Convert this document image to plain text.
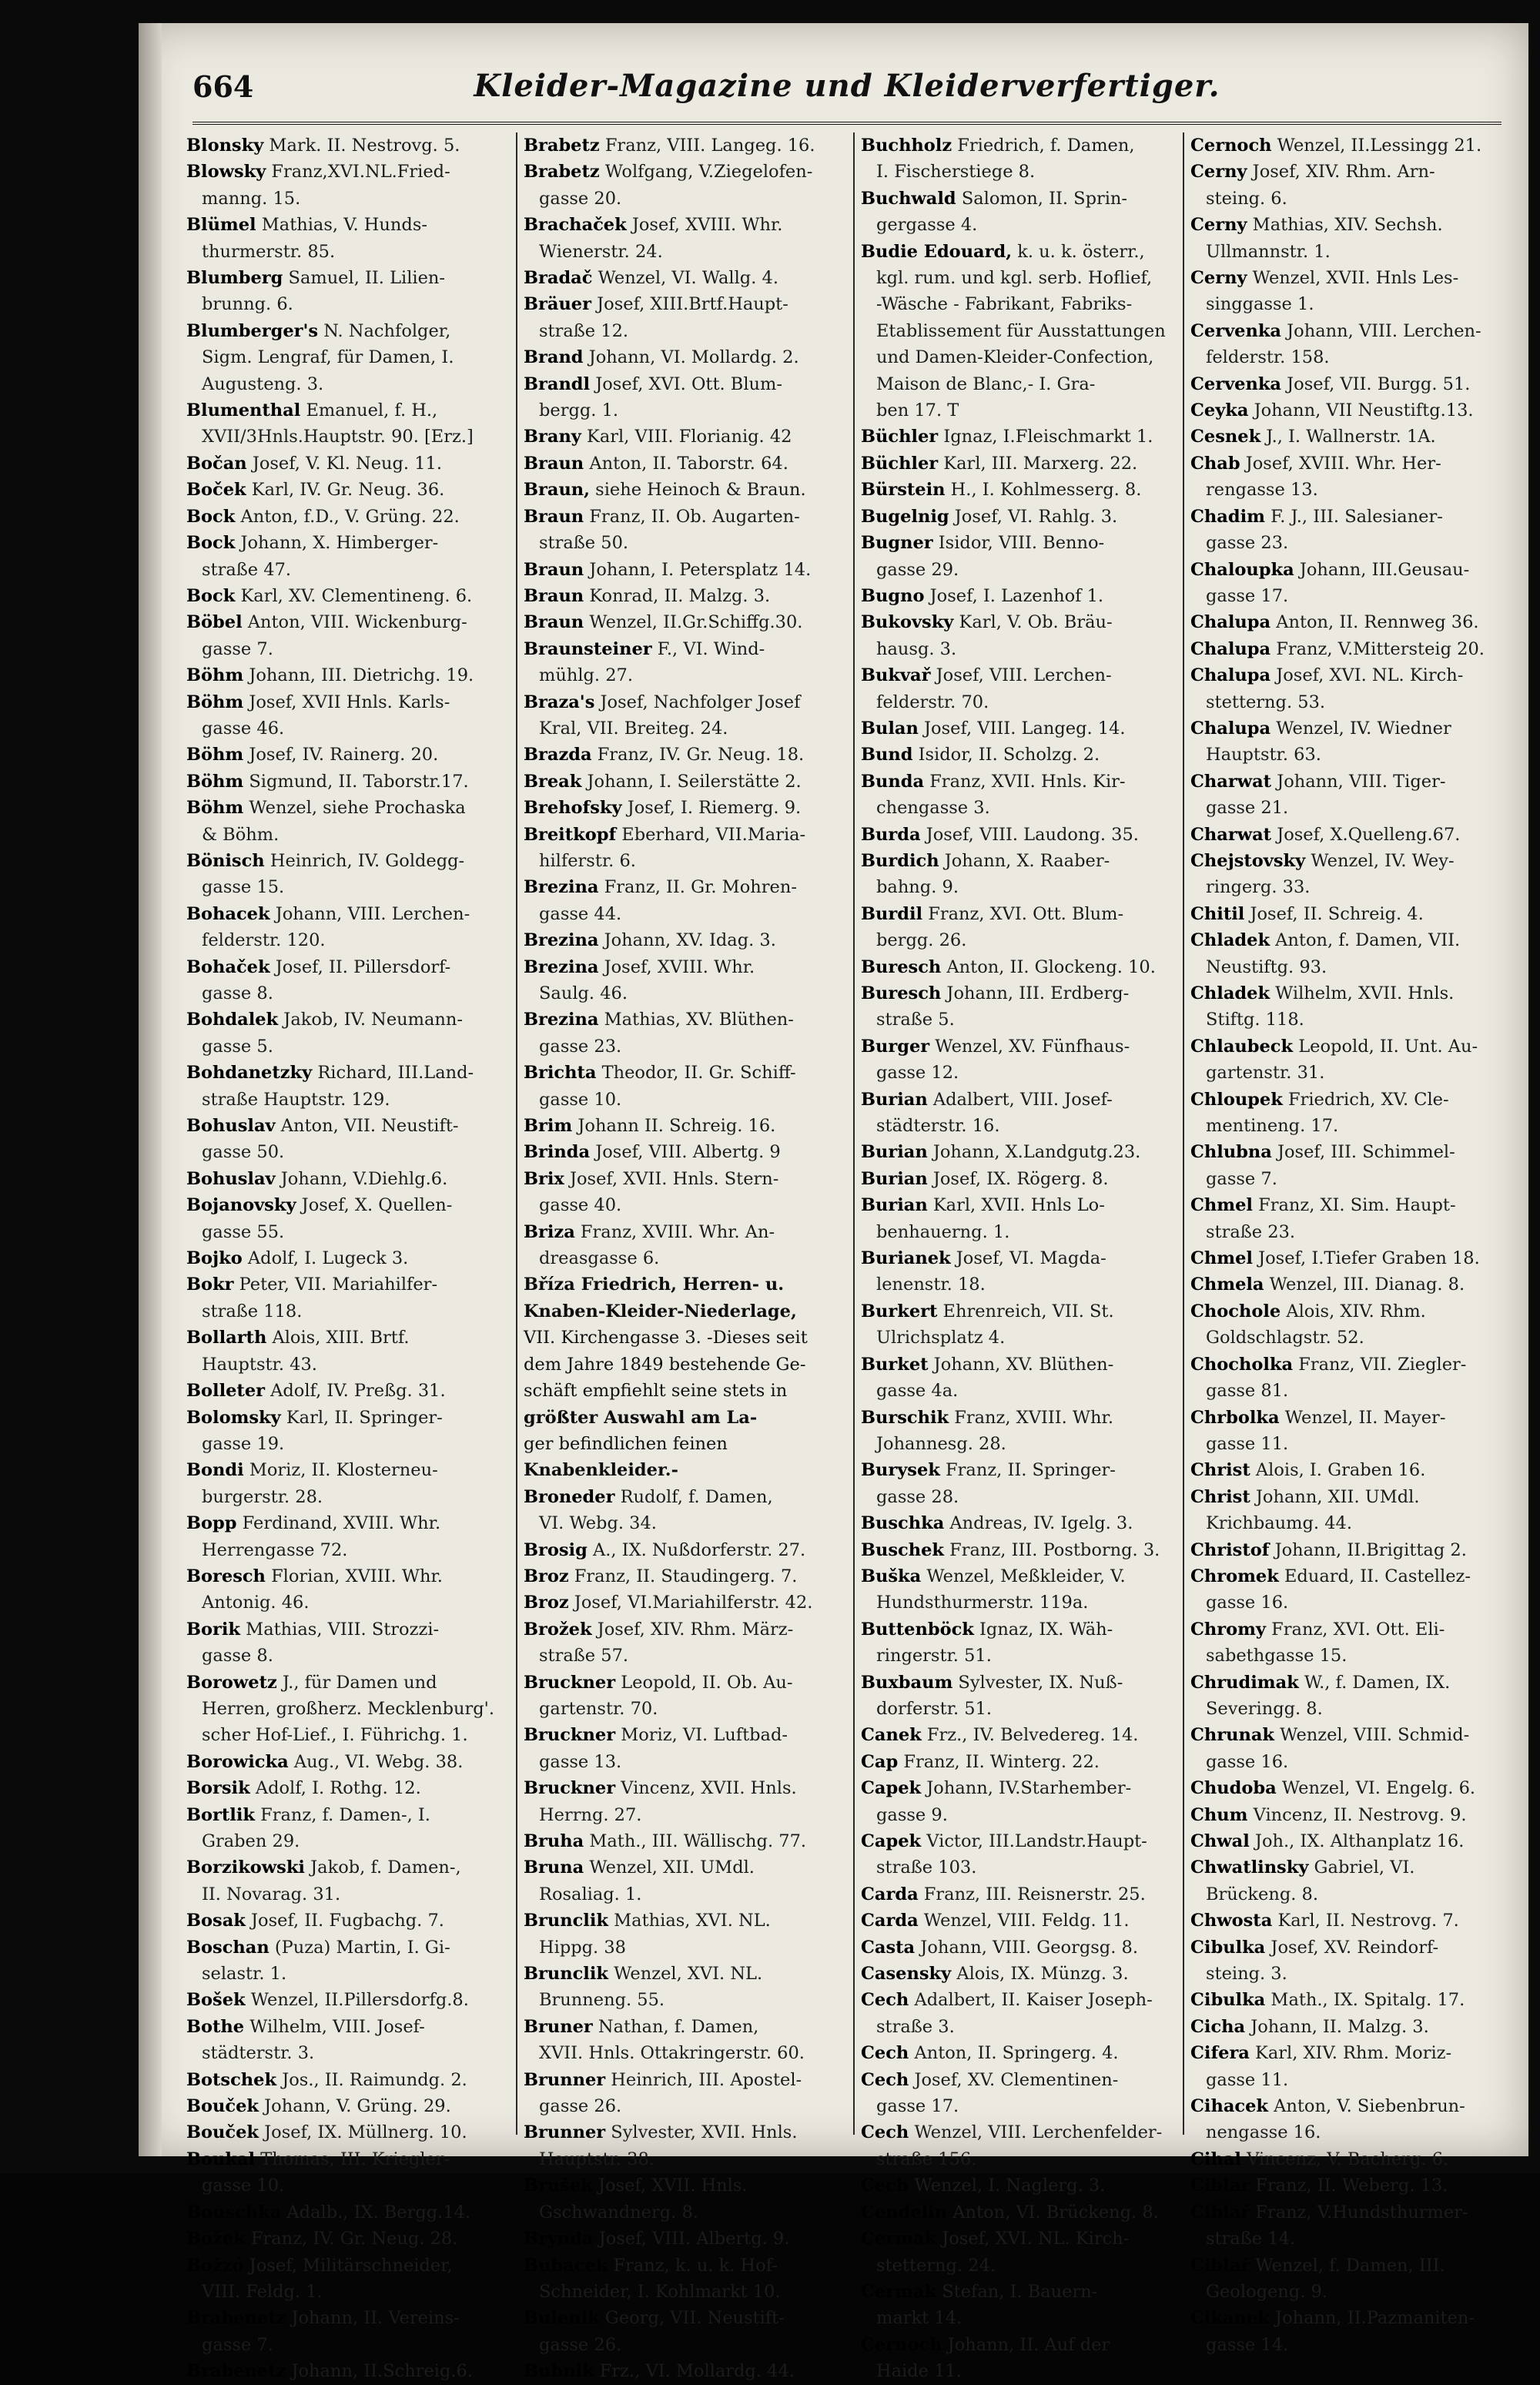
664	Kleider-Magazine und Kleiderverfertiger.

Blonsky Mark. II. Nestrovg. 5.

Blowsky Franz,XVI.NL.Fried-
manng. 15.

Blümel Mathias, V. Hunds-
thurmerstr. 85.

Blumberg Samuel, II. Lilien-
brunng. 6.

Blumberger's N. Nachfolger,
Sigm. Lengraf, für Damen, I.
Augusteng. 3.

Blumenthal Emanuel, f. H.,
XVII/3Hnls.Hauptstr. 90. [Erz.]

Bočan Josef, V. Kl. Neug. 11.

Boček Karl, IV. Gr. Neug. 36.

Bock Anton, f.D., V. Grüng. 22.

Bock Johann, X. Himberger-
straße 47.

Bock Karl, XV. Clementineng. 6.

Böbel Anton, VIII. Wickenburg-
gasse 7.

Böhm Johann, III. Dietrichg. 19.

Böhm Josef, XVII Hnls. Karls-
gasse 46.

Böhm Josef, IV. Rainerg. 20.

Böhm Sigmund, II. Taborstr.17.

Böhm Wenzel, siehe Prochaska
& Böhm.

Bönisch Heinrich, IV. Goldegg-
gasse 15.

Bohacek Johann, VIII. Lerchen-
felderstr. 120.

Bohaček Josef, II. Pillersdorf-
gasse 8.

Bohdalek Jakob, IV. Neumann-
gasse 5.

Bohdanetzky Richard, III.Land-
straße Hauptstr. 129.

Bohuslav Anton, VII. Neustift-
gasse 50.

Bohuslav Johann, V.Diehlg.6.

Bojanovsky Josef, X. Quellen-
gasse 55.

Bojko Adolf, I. Lugeck 3.

Bokr Peter, VII. Mariahilfer-
straße 118.

Bollarth Alois, XIII. Brtf.
Hauptstr. 43.

Bolleter Adolf, IV. Preßg. 31.

Bolomsky Karl, II. Springer-
gasse 19.

Bondi Moriz, II. Klosterneu-
burgerstr. 28.

Bopp Ferdinand, XVIII. Whr.
Herrengasse 72.

Boresch Florian, XVIII. Whr.
Antonig. 46.

Borik Mathias, VIII. Strozzi-
gasse 8.

Borowetz J., für Damen und
Herren, großherz. Mecklenburg'.
scher Hof-Lief., I. Führichg. 1.

Borowicka Aug., VI. Webg. 38.

Borsik Adolf, I. Rothg. 12.

Bortlik Franz, f. Damen-, I.
Graben 29.

Borzikowski Jakob, f. Damen-,
II. Novarag. 31.

Bosak Josef, II. Fugbachg. 7.

Boschan (Puza) Martin, I. Gi-
selastr. 1.

Bošek Wenzel, II.Pillersdorfg.8.

Bothe Wilhelm, VIII. Josef-
städterstr. 3.

Botschek Jos., II. Raimundg. 2.

Bouček Johann, V. Grüng. 29.

Bouček Josef, IX. Müllnerg. 10.

Boukal Thomas, III. Kriegler-
gasse 10.

Bouschka Adalb., IX. Bergg.14.

Božek Franz, IV. Gr. Neug. 28.

Božzó Josef, Militärschneider,
VIII. Feldg. 1.

Brabenetz Johann, II. Vereins-
gasse 7.

Brabenetz Johann, II.Schreig.6.

Brabetz Franz, VIII. Langeg. 16.

Brabetz Wolfgang, V.Ziegelofen-
gasse 20.

Brachaček Josef, XVIII. Whr.
Wienerstr. 24.

Bradač Wenzel, VI. Wallg. 4.

Bräuer Josef, XIII.Brtf.Haupt-
straße 12.

Brand Johann, VI. Mollardg. 2.

Brandl Josef, XVI. Ott. Blum-
bergg. 1.

Brany Karl, VIII. Florianig. 42

Braun Anton, II. Taborstr. 64.

Braun, siehe Heinoch & Braun.

Braun Franz, II. Ob. Augarten-
straße 50.

Braun Johann, I. Petersplatz 14.

Braun Konrad, II. Malzg. 3.

Braun Wenzel, II.Gr.Schiffg.30.

Braunsteiner F., VI. Wind-
mühlg. 27.

Braza's Josef, Nachfolger Josef
Kral, VII. Breiteg. 24.

Brazda Franz, IV. Gr. Neug. 18.

Break Johann, I. Seilerstätte 2.

Brehofsky Josef, I. Riemerg. 9.

Breitkopf Eberhard, VII.Maria-
hilferstr. 6.

Brezina Franz, II. Gr. Mohren-
gasse 44.

Brezina Johann, XV. Idag. 3.

Brezina Josef, XVIII. Whr.
Saulg. 46.

Brezina Mathias, XV. Blüthen-
gasse 23.

Brichta Theodor, II. Gr. Schiff-
gasse 10.

Brim Johann II. Schreig. 16.

Brinda Josef, VIII. Albertg. 9

Brix Josef, XVII. Hnls. Stern-
gasse 40.

Briza Franz, XVIII. Whr. An-
dreasgasse 6.

Bříza Friedrich, Herren- u.

Knaben-Kleider-Niederlage,

VII. Kirchengasse 3. -Dieses seit

dem Jahre 1849 bestehende Ge-

schäft empfiehlt seine stets in

größter Auswahl am La-

ger befindlichen feinen

Knabenkleider.-

Broneder Rudolf, f. Damen,
VI. Webg. 34.

Brosig A., IX. Nußdorferstr. 27.

Broz Franz, II. Staudingerg. 7.

Broz Josef, VI.Mariahilferstr. 42.

Brožek Josef, XIV. Rhm. März-
straße 57.

Bruckner Leopold, II. Ob. Au-
gartenstr. 70.

Bruckner Moriz, VI. Luftbad-
gasse 13.

Bruckner Vincenz, XVII. Hnls.
Herrng. 27.

Bruha Math., III. Wällischg. 77.

Bruna Wenzel, XII. UMdl.
Rosaliag. 1.

Brunclik Mathias, XVI. NL.
Hippg. 38

Brunclik Wenzel, XVI. NL.
Brunneng. 55.

Bruner Nathan, f. Damen,
XVII. Hnls. Ottakringerstr. 60.

Brunner Heinrich, III. Apostel-
gasse 26.

Brunner Sylvester, XVII. Hnls.
Hauptstr. 38.

Brušek Josef, XVII. Hnls.
Gschwandnerg. 8.

Brynda Josef, VIII. Albertg. 9.

Bubacek Franz, k. u. k. Hof-
Schneider, I. Kohlmarkt 10.

Bulenik Georg, VII. Neustift-
gasse 26.

Bubnik Frz., VI. Mollardg. 44.

Buchholz Friedrich, f. Damen,
I. Fischerstiege 8.

Buchwald Salomon, II. Sprin-
gergasse 4.

Budie Edouard, k. u. k. österr.,
kgl. rum. und kgl. serb. Hoflief,
-Wäsche - Fabrikant, Fabriks-
Etablissement für Ausstattungen
und Damen-Kleider-Confection,
Maison de Blanc,- I. Gra-
ben 17. T

Büchler Ignaz, I.Fleischmarkt 1.

Büchler Karl, III. Marxerg. 22.

Bürstein H., I. Kohlmesserg. 8.

Bugelnig Josef, VI. Rahlg. 3.

Bugner Isidor, VIII. Benno-
gasse 29.

Bugno Josef, I. Lazenhof 1.

Bukovsky Karl, V. Ob. Bräu-
hausg. 3.

Bukvař Josef, VIII. Lerchen-
felderstr. 70.

Bulan Josef, VIII. Langeg. 14.

Bund Isidor, II. Scholzg. 2.

Bunda Franz, XVII. Hnls. Kir-
chengasse 3.

Burda Josef, VIII. Laudong. 35.

Burdich Johann, X. Raaber-
bahng. 9.

Burdil Franz, XVI. Ott. Blum-
bergg. 26.

Buresch Anton, II. Glockeng. 10.

Buresch Johann, III. Erdberg-
straße 5.

Burger Wenzel, XV. Fünfhaus-
gasse 12.

Burian Adalbert, VIII. Josef-
städterstr. 16.

Burian Johann, X.Landgutg.23.

Burian Josef, IX. Rögerg. 8.

Burian Karl, XVII. Hnls Lo-
benhauerng. 1.

Burianek Josef, VI. Magda-
lenenstr. 18.

Burkert Ehrenreich, VII. St.
Ulrichsplatz 4.

Burket Johann, XV. Blüthen-
gasse 4a.

Burschik Franz, XVIII. Whr.
Johannesg. 28.

Burysek Franz, II. Springer-
gasse 28.

Buschka Andreas, IV. Igelg. 3.

Buschek Franz, III. Postborng. 3.

Buška Wenzel, Meßkleider, V.
Hundsthurmerstr. 119a.

Buttenböck Ignaz, IX. Wäh-
ringerstr. 51.

Buxbaum Sylvester, IX. Nuß-
dorferstr. 51.

Canek Frz., IV. Belvedereg. 14.

Cap Franz, II. Winterg. 22.

Capek Johann, IV.Starhember-
gasse 9.

Capek Victor, III.Landstr.Haupt-
straße 103.

Carda Franz, III. Reisnerstr. 25.

Carda Wenzel, VIII. Feldg. 11.

Casta Johann, VIII. Georgsg. 8.

Casensky Alois, IX. Münzg. 3.

Cech Adalbert, II. Kaiser Joseph-
straße 3.

Cech Anton, II. Springerg. 4.

Cech Josef, XV. Clementinen-
gasse 17.

Cech Wenzel, VIII. Lerchenfelder-
straße 156.

Cech Wenzel, I. Naglerg. 3.

Cendelin Anton, VI. Brückeng. 8.

Cermak Josef, XVI. NL. Kirch-
stetterng. 24.

Cermak Stefan, I. Bauern-
markt 14.

Cernoch Johann, II. Auf der
Haide 11.

Cernoch Wenzel, II.Lessingg 21.

Cerny Josef, XIV. Rhm. Arn-
steing. 6.

Cerny Mathias, XIV. Sechsh.
Ullmannstr. 1.

Cerny Wenzel, XVII. Hnls Les-
singgasse 1.

Cervenka Johann, VIII. Lerchen-
felderstr. 158.

Cervenka Josef, VII. Burgg. 51.

Ceyka Johann, VII Neustiftg.13.

Cesnek J., I. Wallnerstr. 1A.

Chab Josef, XVIII. Whr. Her-
rengasse 13.

Chadim F. J., III. Salesianer-
gasse 23.

Chaloupka Johann, III.Geusau-
gasse 17.

Chalupa Anton, II. Rennweg 36.

Chalupa Franz, V.Mittersteig 20.

Chalupa Josef, XVI. NL. Kirch-
stetterng. 53.

Chalupa Wenzel, IV. Wiedner
Hauptstr. 63.

Charwat Johann, VIII. Tiger-
gasse 21.

Charwat Josef, X.Quelleng.67.

Chejstovsky Wenzel, IV. Wey-
ringerg. 33.

Chitil Josef, II. Schreig. 4.

Chladek Anton, f. Damen, VII.
Neustiftg. 93.

Chladek Wilhelm, XVII. Hnls.
Stiftg. 118.

Chlaubeck Leopold, II. Unt. Au-
gartenstr. 31.

Chloupek Friedrich, XV. Cle-
mentineng. 17.

Chlubna Josef, III. Schimmel-
gasse 7.

Chmel Franz, XI. Sim. Haupt-
straße 23.

Chmel Josef, I.Tiefer Graben 18.

Chmela Wenzel, III. Dianag. 8.

Chochole Alois, XIV. Rhm.
Goldschlagstr. 52.

Chocholka Franz, VII. Ziegler-
gasse 81.

Chrbolka Wenzel, II. Mayer-
gasse 11.

Christ Alois, I. Graben 16.

Christ Johann, XII. UMdl.
Krichbaumg. 44.

Christof Johann, II.Brigittag 2.

Chromek Eduard, II. Castellez-
gasse 16.

Chromy Franz, XVI. Ott. Eli-
sabethgasse 15.

Chrudimak W., f. Damen, IX.
Severingg. 8.

Chrunak Wenzel, VIII. Schmid-
gasse 16.

Chudoba Wenzel, VI. Engelg. 6.

Chum Vincenz, II. Nestrovg. 9.

Chwal Joh., IX. Althanplatz 16.

Chwatlinsky Gabriel, VI.
Brückeng. 8.

Chwosta Karl, II. Nestrovg. 7.

Cibulka Josef, XV. Reindorf-
steing. 3.

Cibulka Math., IX. Spitalg. 17.

Cicha Johann, II. Malzg. 3.

Cifera Karl, XIV. Rhm. Moriz-
gasse 11.

Cihacek Anton, V. Siebenbrun-
nengasse 16.

Cihal Vincenz, V. Bacherg. 6.

Ciblar Franz, II. Weberg. 13.

Ciblař Franz, V.Hundsthurmer-
straße 14.

Ciblař Wenzel, f. Damen, III.
Geologeng. 9.

Cikanek Johann, II.Pazmaniten-
gasse 14.
